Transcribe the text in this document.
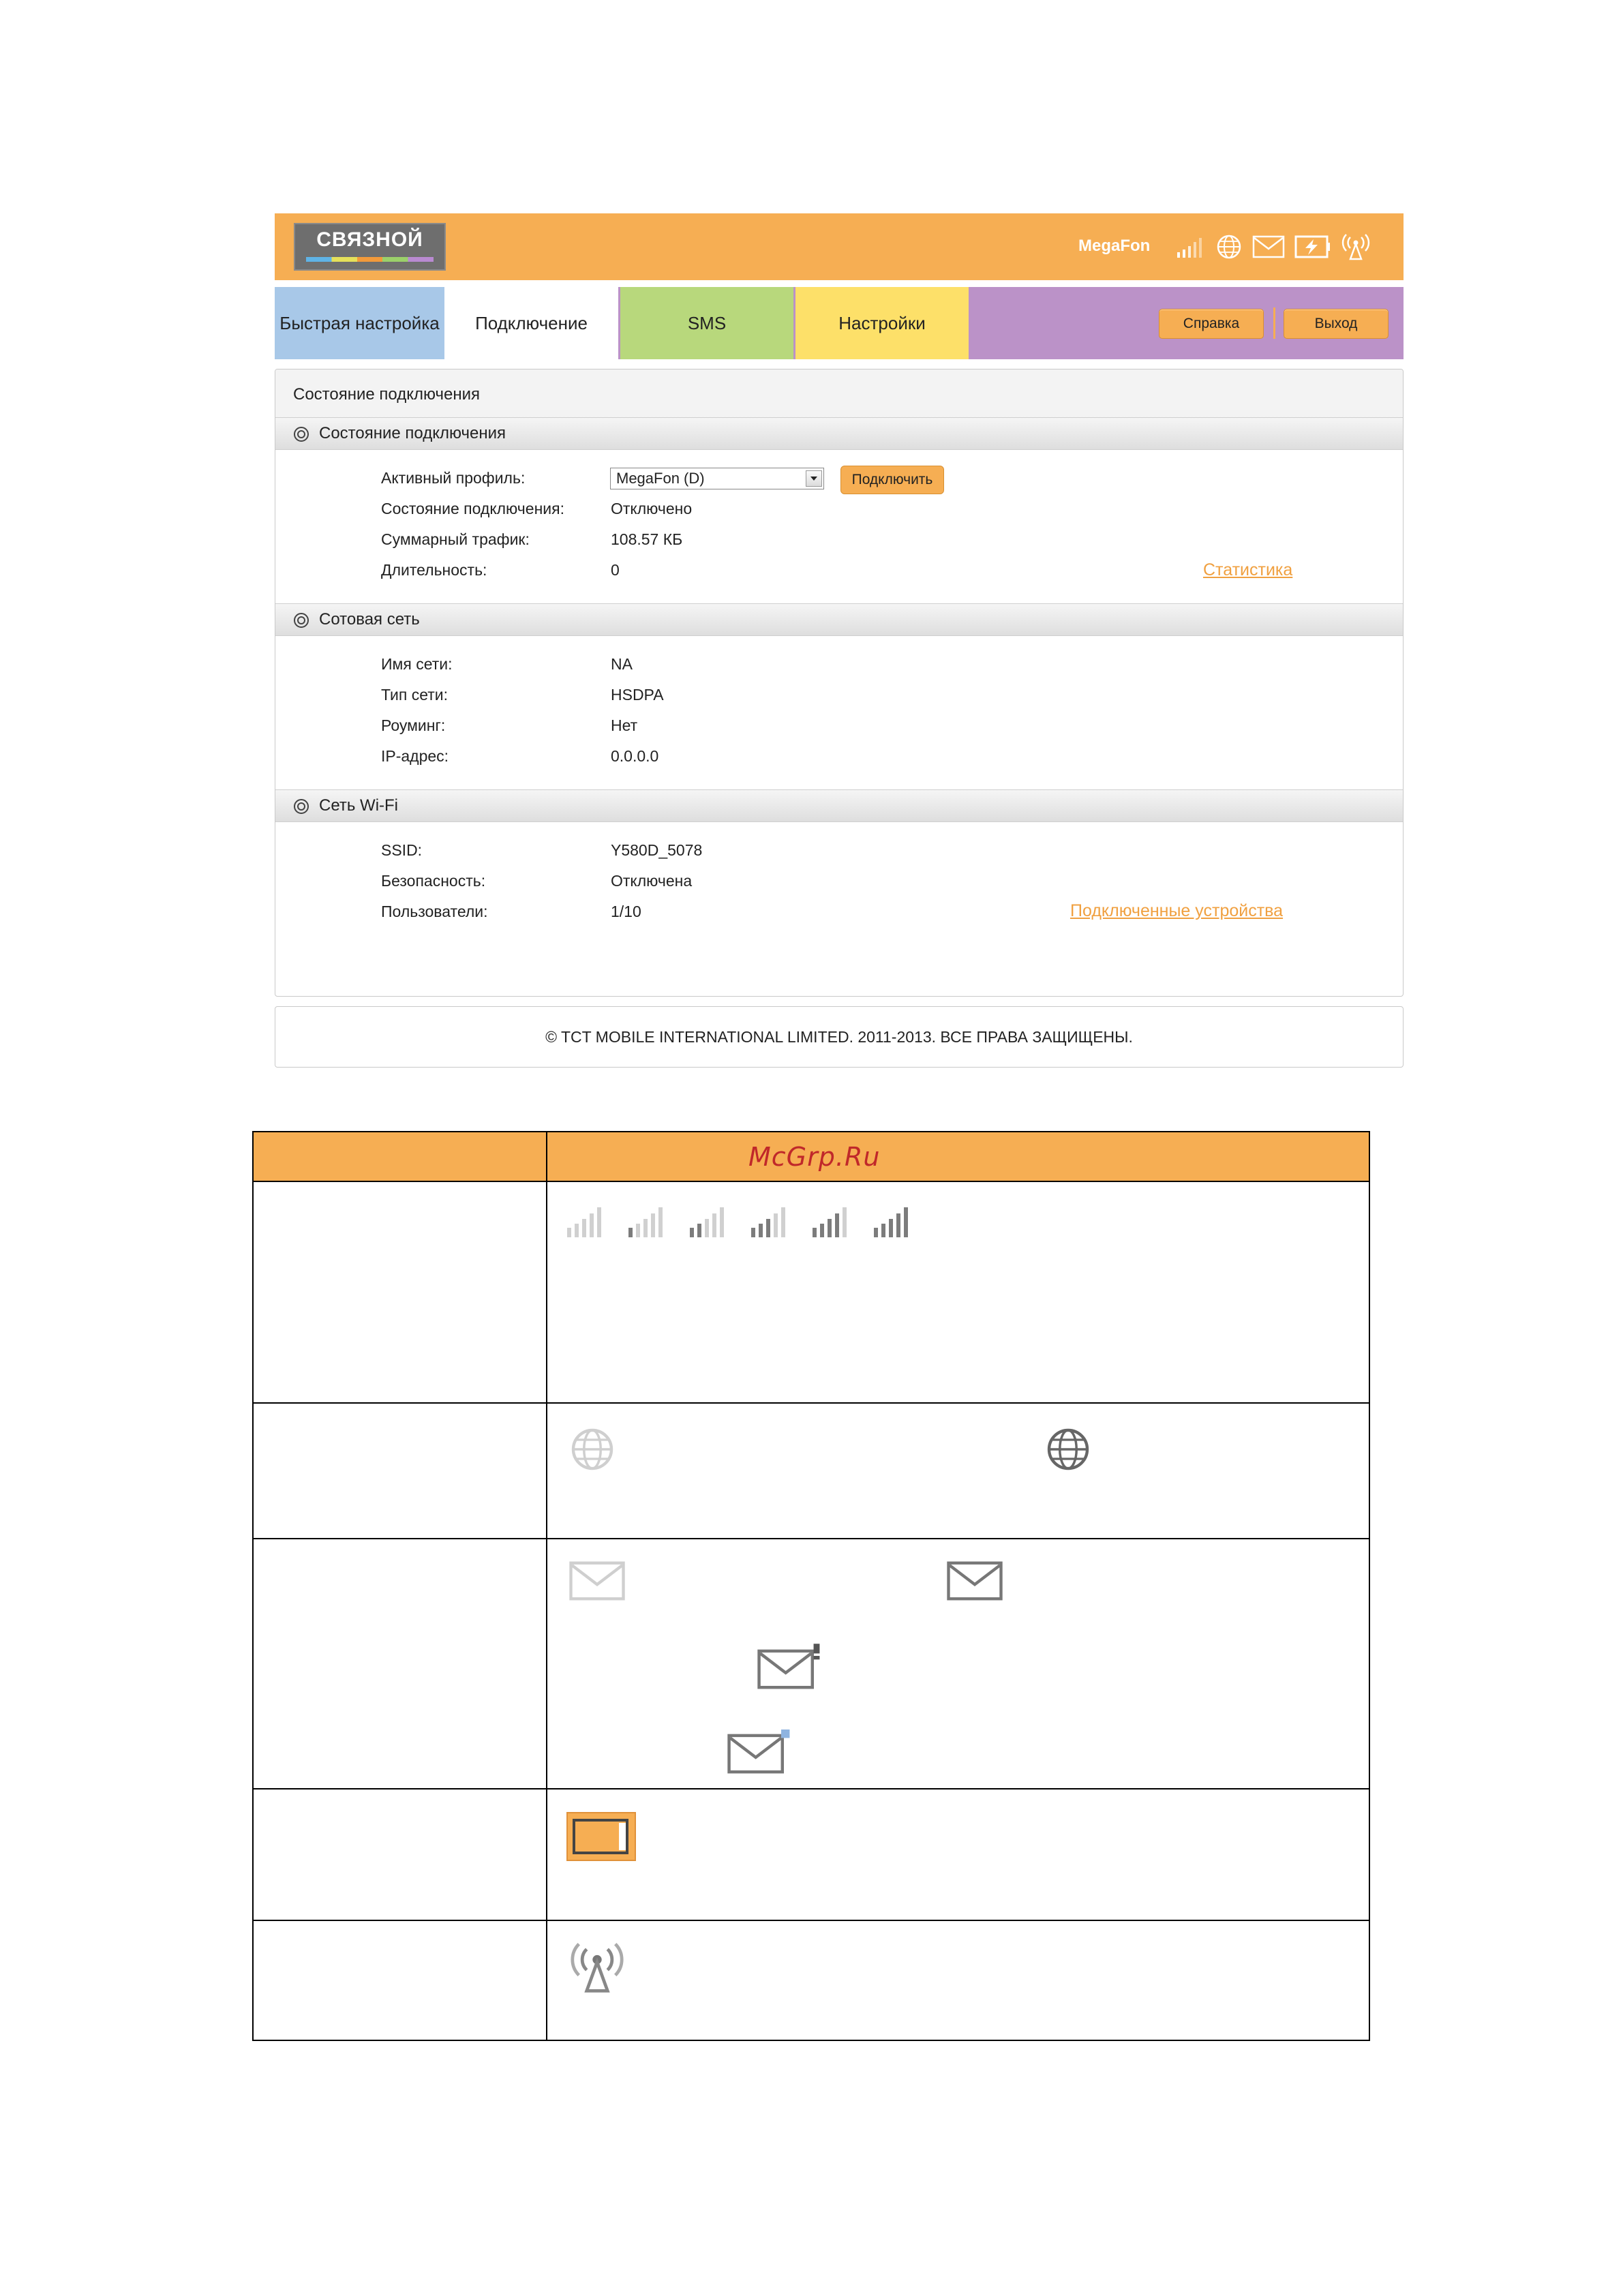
СВЯЗНОЙ	MegaFon
Быстрая настройка	Подключение	SMS	Настройки	Справка	Выход
Состояние подключения
Состояние подключения
Активный профиль:	MegaFon (D)	Подключить
Состояние подключения:	Отключено
Суммарный трафик:	108.57 КБ
Длительность:	0	Статистика
Сотовая сеть
Имя сети:	NA
Тип сети:	HSDPA
Роуминг:	Нет
IP-адрес:	0.0.0.0
Сеть Wi-Fi
SSID:	Y580D_5078
Безопасность:	Отключена
Пользователи:	1/10	Подключенные устройства
© TCT MOBILE INTERNATIONAL LIMITED. 2011-2013. ВСЕ ПРАВА ЗАЩИЩЕНЫ.
McGrp.Ru
